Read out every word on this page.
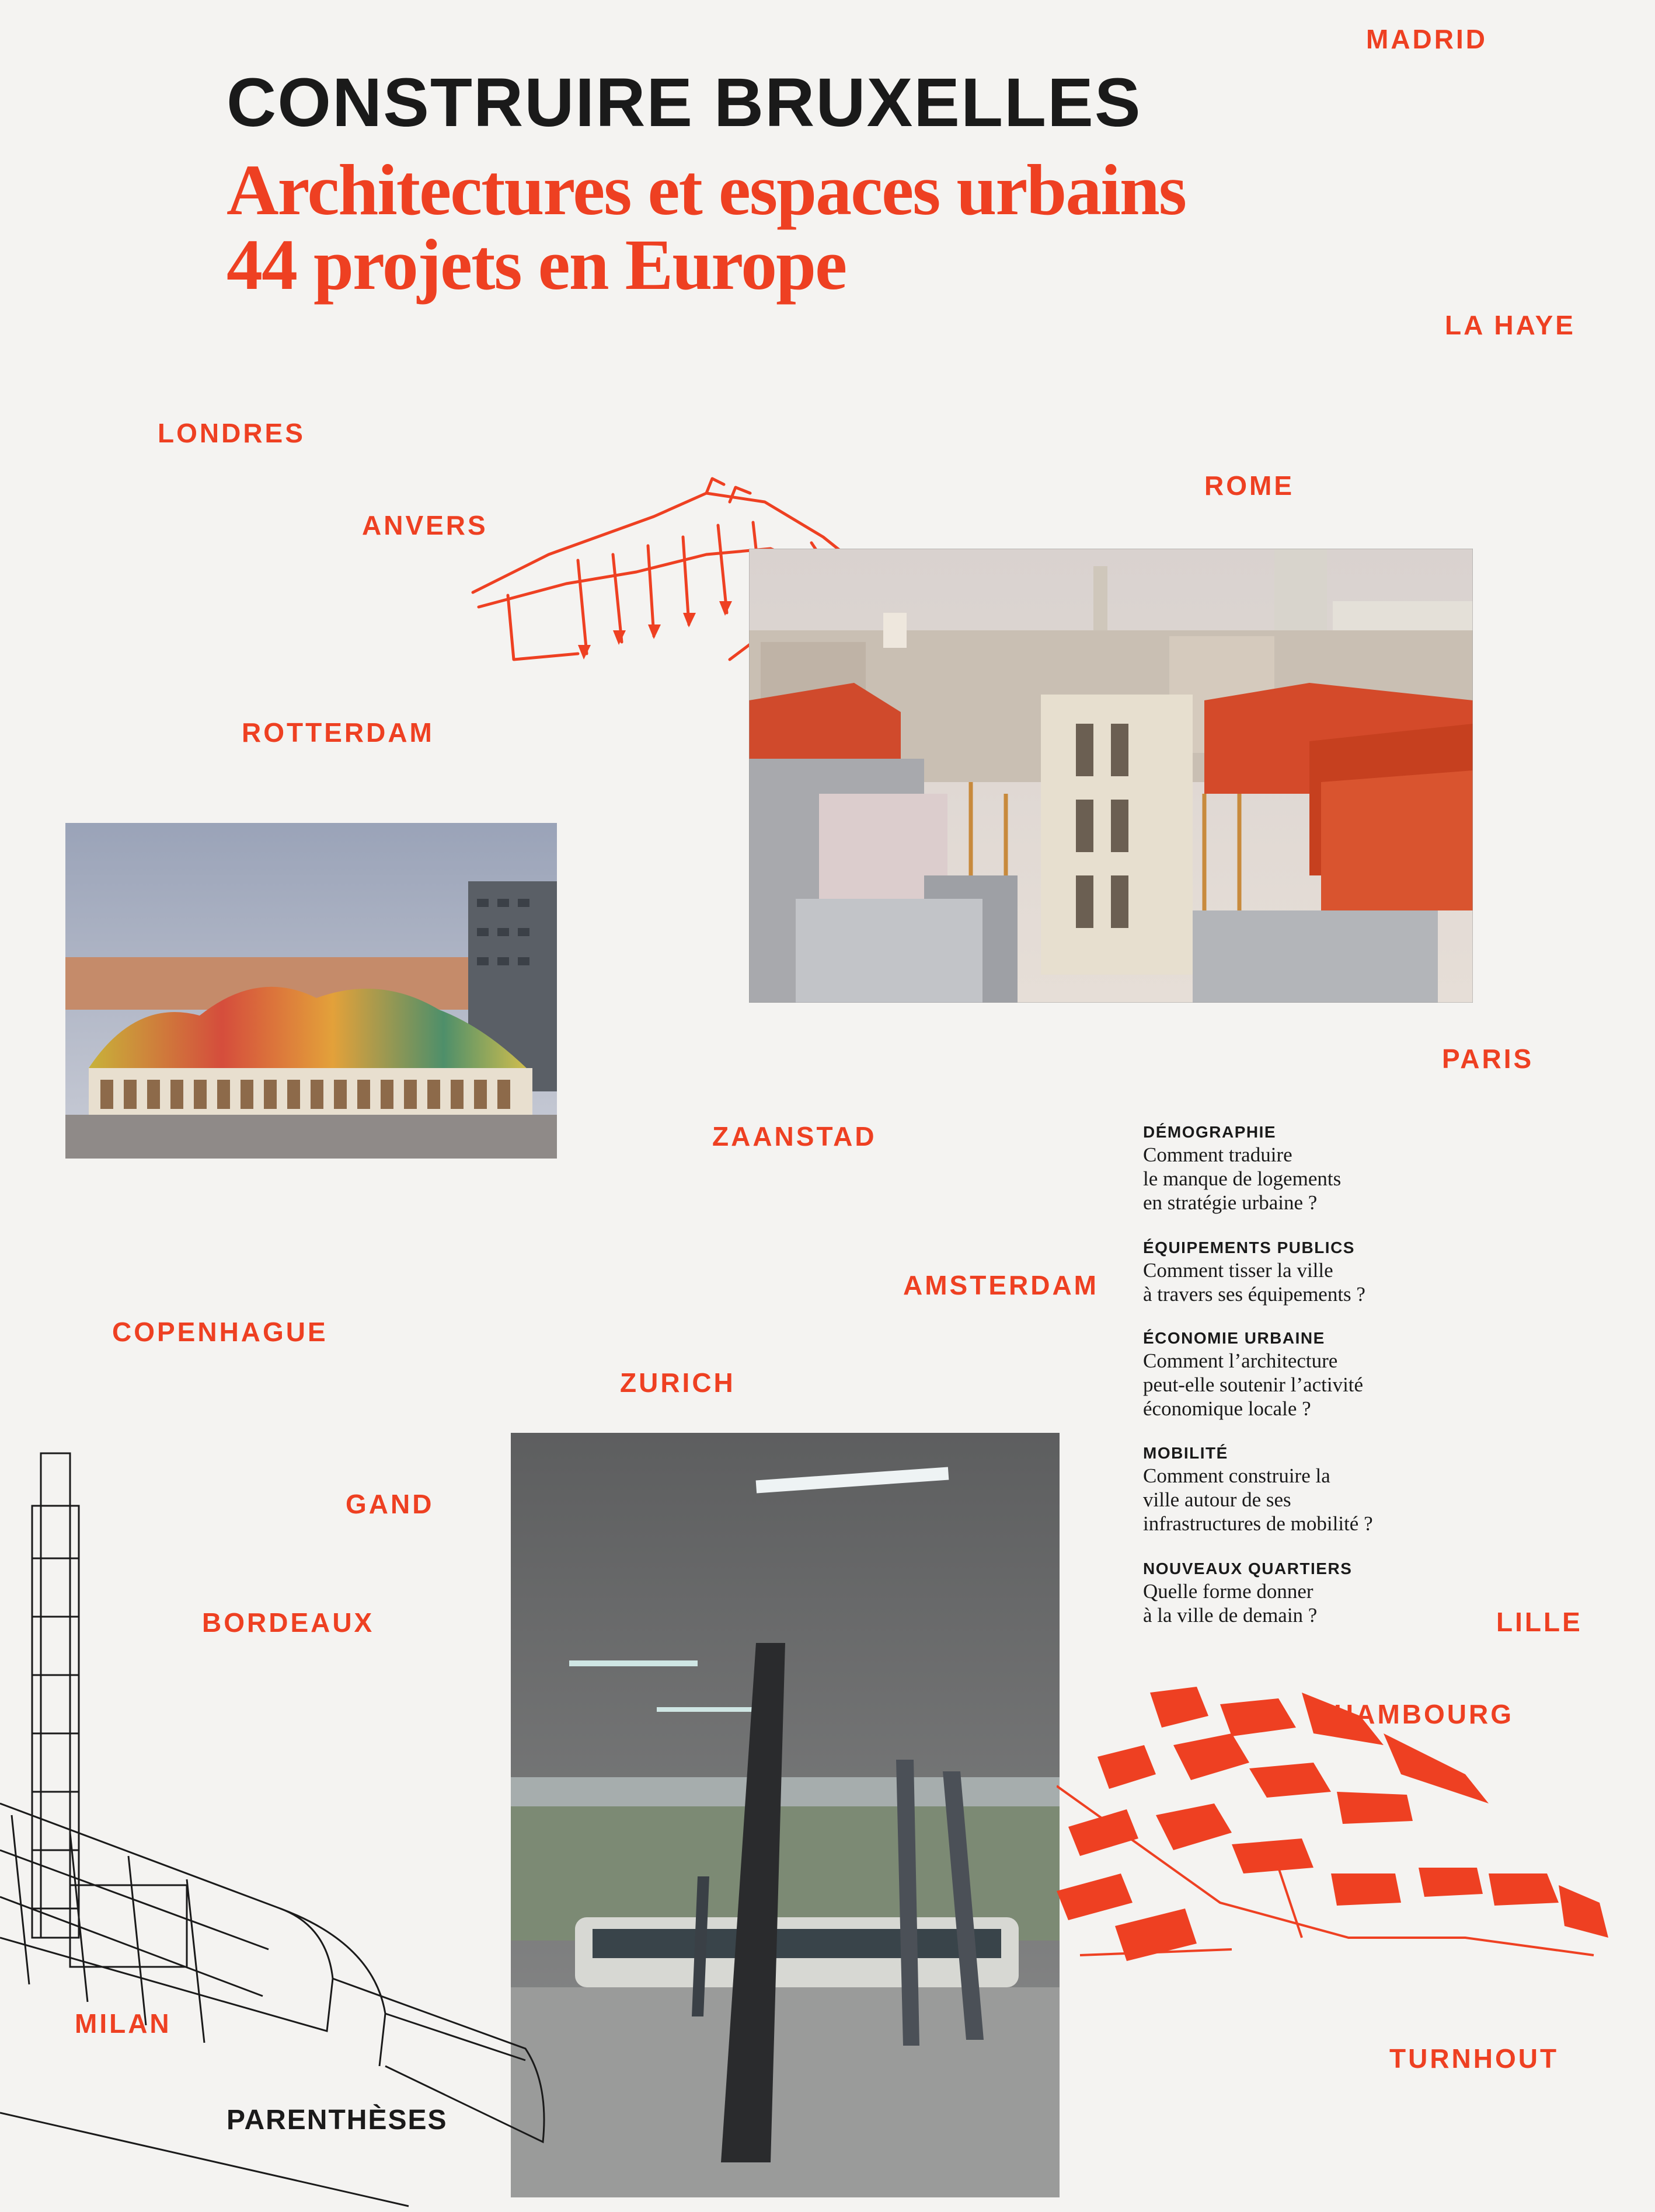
CONSTRUIRE BRUXELLES
Architectures et espaces urbains
44 projets en Europe
MADRID
LA HAYE
LONDRES
ROME
ANVERS
ROTTERDAM
PARIS
ZAANSTAD
AMSTERDAM
COPENHAGUE
ZURICH
GAND
BORDEAUX	LILLE
HAMBOURG
MILAN
TURNHOUT
DÉMOGRAPHIE
Comment traduire
le manque de logements
en stratégie urbaine ?
ÉQUIPEMENTS PUBLICS
Comment tisser la ville
à travers ses équipements ?
ÉCONOMIE URBAINE
Comment l’architecture
peut-elle soutenir l’activité
économique locale ?
MOBILITÉ
Comment construire la
ville autour de ses
infrastructures de mobilité ?
NOUVEAUX QUARTIERS
Quelle forme donner
à la ville de demain ?
PARENTHÈSES
